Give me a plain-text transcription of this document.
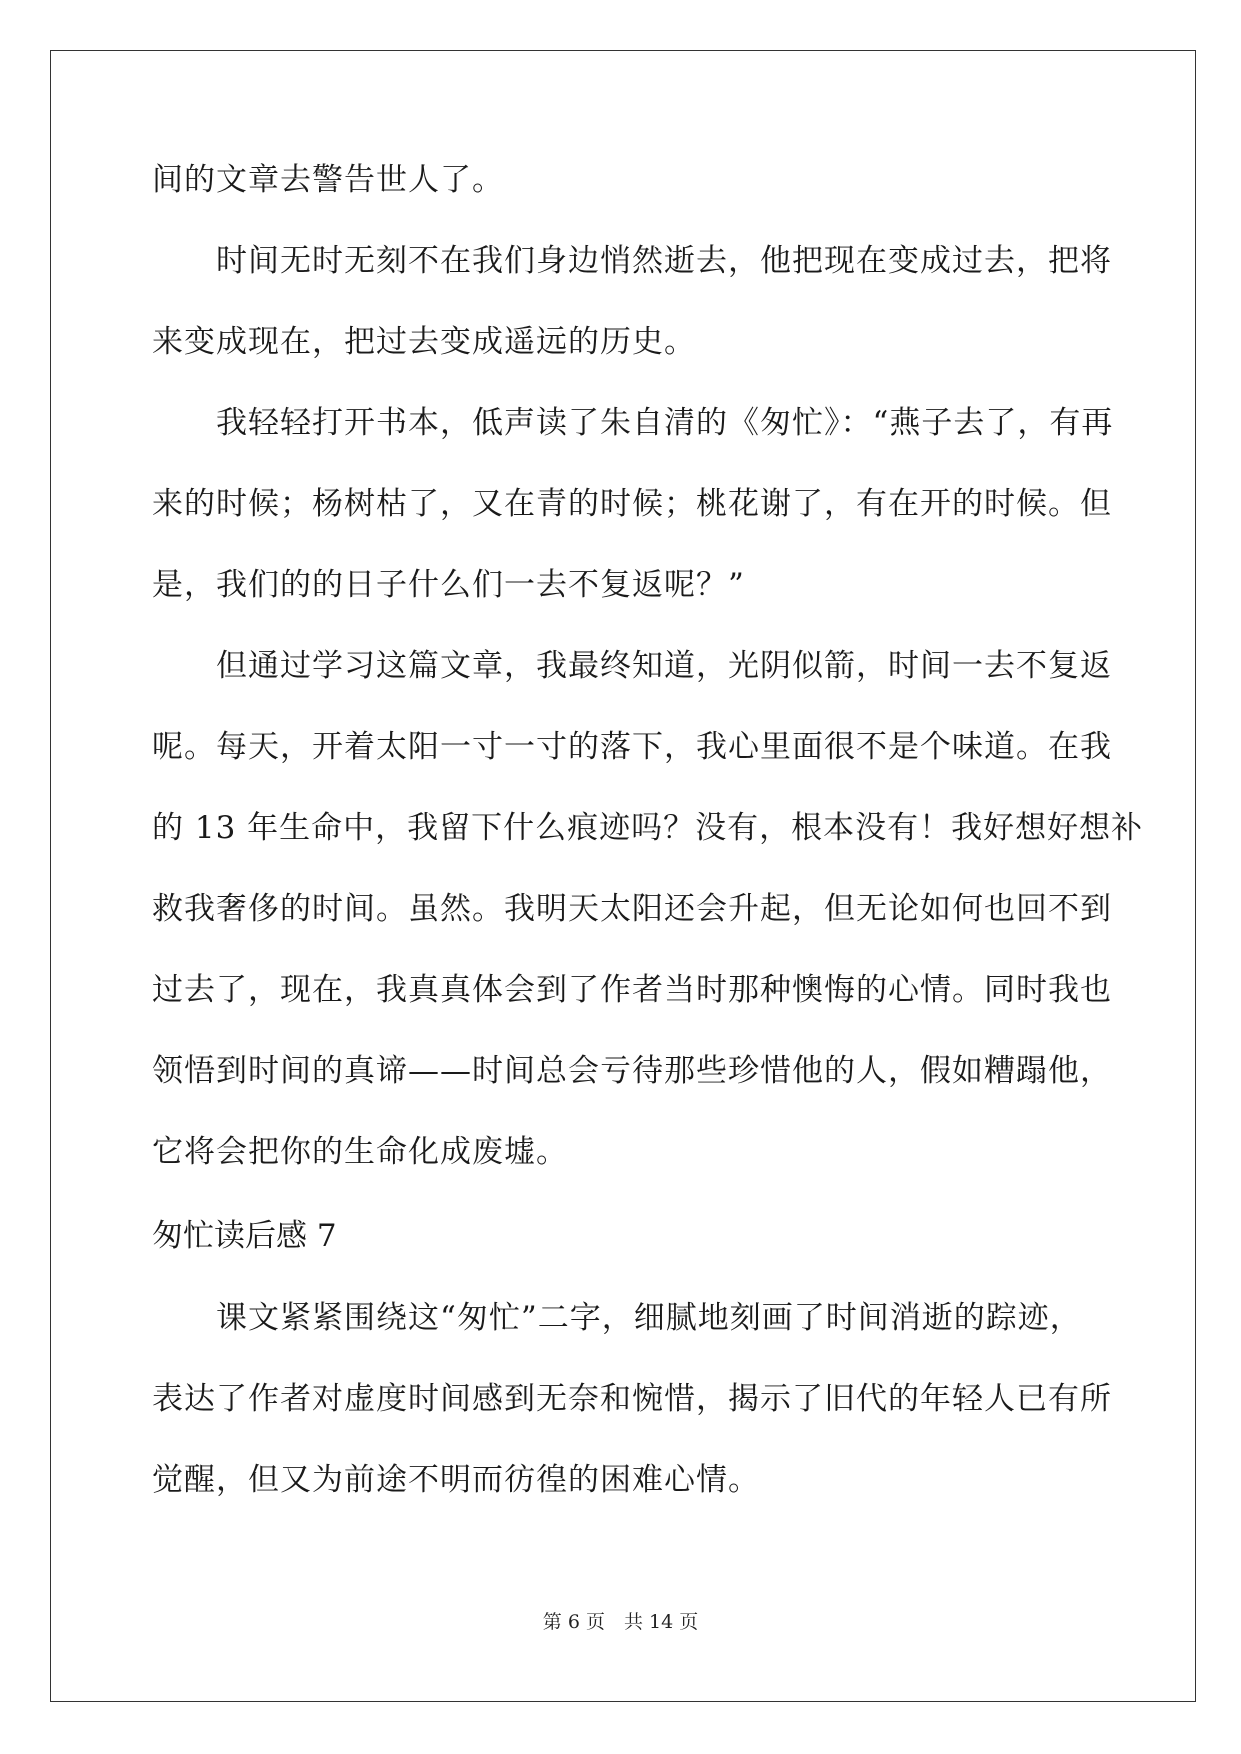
间的文章去警告世人了。
　　时间无时无刻不在我们身边悄然逝去，他把现在变成过去，把将
来变成现在，把过去变成遥远的历史。
　　我轻轻打开书本，低声读了朱自清的《匆忙》：“燕子去了，有再
来的时候；杨树枯了，又在青的时候；桃花谢了，有在开的时候。但
是，我们的的日子什么们一去不复返呢？”
　　但通过学习这篇文章，我最终知道，光阴似箭，时间一去不复返
呢。每天，开着太阳一寸一寸的落下，我心里面很不是个味道。在我
的 13 年生命中，我留下什么痕迹吗？没有，根本没有！我好想好想补
救我奢侈的时间。虽然。我明天太阳还会升起，但无论如何也回不到
过去了，现在，我真真体会到了作者当时那种懊悔的心情。同时我也
领悟到时间的真谛——时间总会亏待那些珍惜他的人，假如糟蹋他，
它将会把你的生命化成废墟。
匆忙读后感 7
　　课文紧紧围绕这“匆忙”二字，细腻地刻画了时间消逝的踪迹，
表达了作者对虚度时间感到无奈和惋惜，揭示了旧代的年轻人已有所
觉醒，但又为前途不明而彷徨的困难心情。
第 6 页　共 14 页
